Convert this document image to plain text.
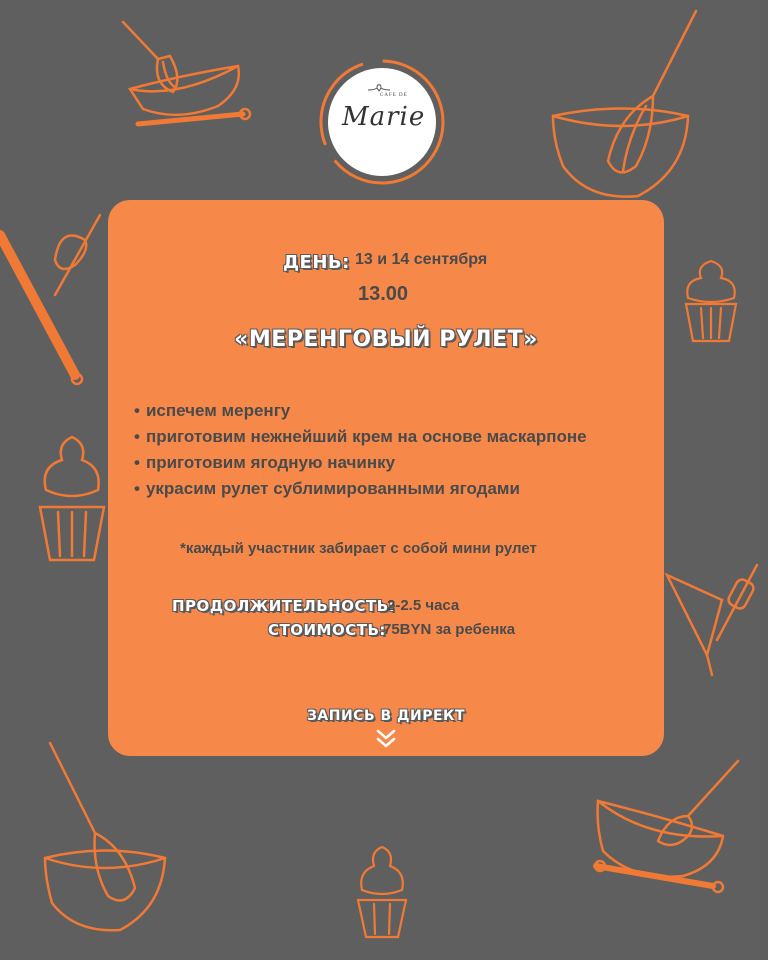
CAFE DE
Marie
ДЕНЬ: 13 и 14 сентября
13.00
«МЕРЕНГОВЫЙ РУЛЕТ»
• испечем меренгу
• приготовим нежнейший крем на основе маскарпоне
• приготовим ягодную начинку
• украсим рулет сублимированными ягодами
*каждый участник забирает с собой мини рулет
ПРОДОЛЖИТЕЛЬНОСТЬ:
2-2.5 часа
СТОИМОСТЬ:
75BYN за ребенка
ЗАПИСЬ В ДИРЕКТ
